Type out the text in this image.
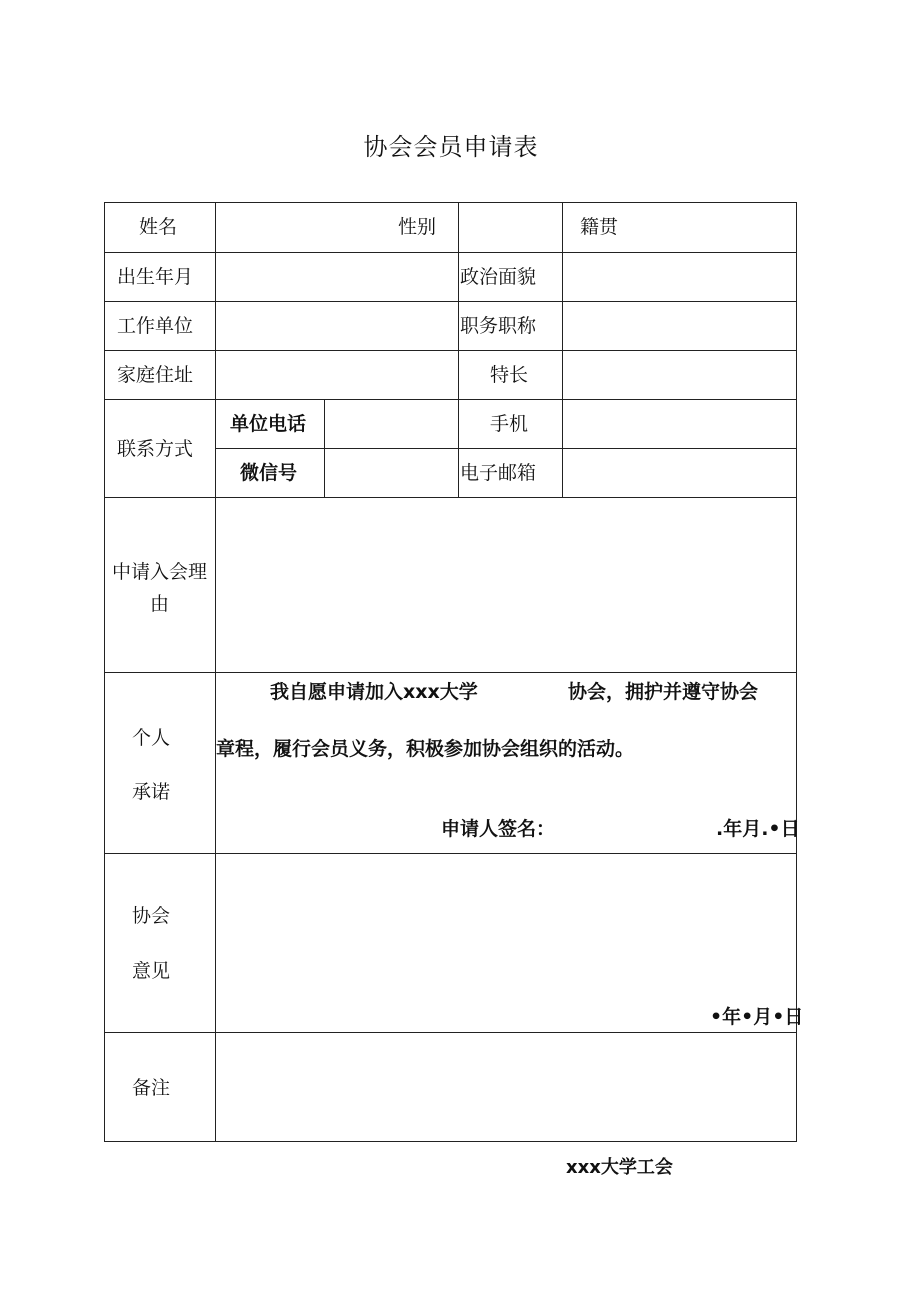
协会会员申请表
姓名	性别	籍贯
出生年月	政治面貌
工作单位	职务职称
家庭住址	特长
联系方式
单位电话	手机
微信号	电子邮箱
中请入会理
由
个人
承诺
我自愿申请加入xxx大学	协会，拥护并遵守协会
章程，履行会员义务，积极参加协会组织的活动。
申请人签名：	.年月.•日
协会
意见
•年•月•日
备注
xxx大学工会
